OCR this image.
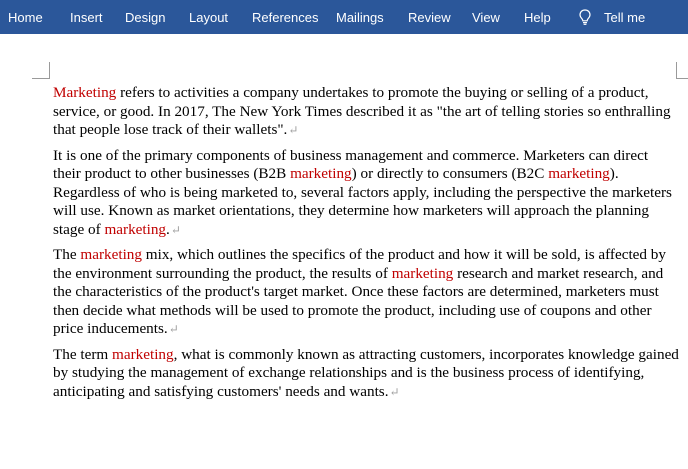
Home Insert Design Layout References Mailings Review View Help	Tell me

Marketing refers to activities a company undertakes to promote the buying or selling of a product, service, or good. In 2017, The New York Times described it as "the art of telling stories so enthralling that people lose track of their wallets".↵

It is one of the primary components of business management and commerce. Marketers can direct their product to other businesses (B2B marketing) or directly to consumers (B2C marketing). Regardless of who is being marketed to, several factors apply, including the perspective the marketers will use. Known as market orientations, they determine how marketers will approach the planning stage of marketing.↵

The marketing mix, which outlines the specifics of the product and how it will be sold, is affected by the environment surrounding the product, the results of marketing research and market research, and the characteristics of the product's target market. Once these factors are determined, marketers must then decide what methods will be used to promote the product, including use of coupons and other price inducements.↵

The term marketing, what is commonly known as attracting customers, incorporates knowledge gained by studying the management of exchange relationships and is the business process of identifying, anticipating and satisfying customers' needs and wants.↵
